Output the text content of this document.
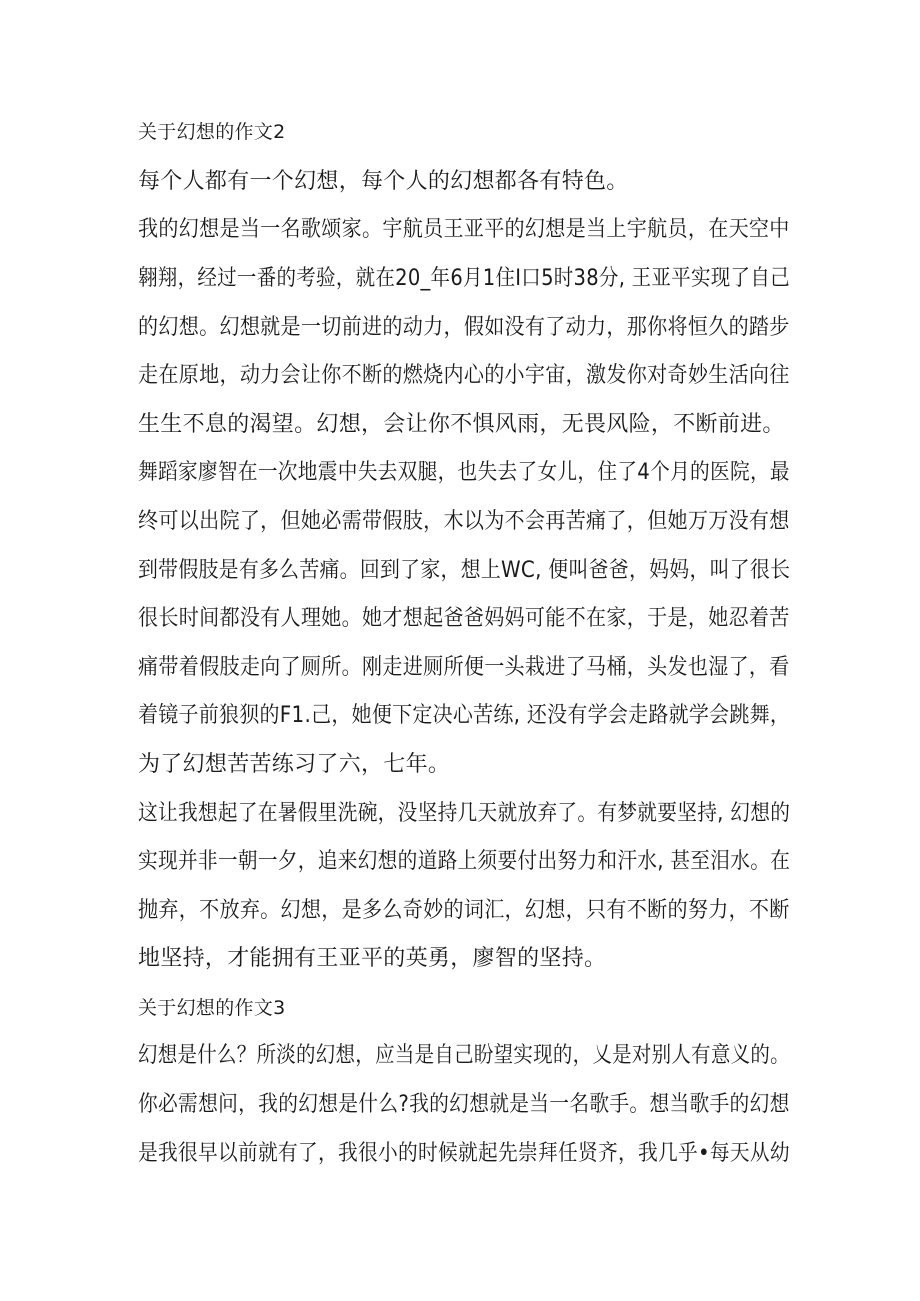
关于幻想的作文2
每个人都有一个幻想，每个人的幻想都各有特色。
我的幻想是当一名歌颂家。宇航员王亚平的幻想是当上宇航员，在天空中
翱翔，经过一番的考验，就在20_年6月1住I口5时38分, 王亚平实现了自己
的幻想。幻想就是一切前进的动力，假如没有了动力，那你将恒久的踏步
走在原地，动力会让你不断的燃烧内心的小宇宙，激发你对奇妙生活向往
生生不息的渴望。幻想，会让你不惧风雨，无畏风险，不断前进。
舞蹈家廖智在一次地震中失去双腿，也失去了女儿，住了4个月的医院，最
终可以出院了，但她必需带假肢，木以为不会再苦痛了，但她万万没有想
到带假肢是有多么苦痛。回到了家，想上WC, 便叫爸爸，妈妈，叫了很长
很长时间都没有人理她。她才想起爸爸妈妈可能不在家，于是，她忍着苦
痛带着假肢走向了厕所。刚走进厕所便一头栽进了马桶，头发也湿了，看
着镜子前狼狈的F1.己，她便下定决心苦练, 还没有学会走路就学会跳舞，
为了幻想苦苦练习了六，七年。
这让我想起了在暑假里洗碗，没坚持几天就放弃了。有梦就要坚持, 幻想的
实现并非一朝一夕，追来幻想的道路上须要付出努力和汗水, 甚至泪水。在
抛弃，不放弃。幻想，是多么奇妙的词汇，幻想，只有不断的努力，不断
地坚持，才能拥有王亚平的英勇，廖智的坚持。
关于幻想的作文3
幻想是什么？所淡的幻想，应当是自己盼望实现的，乂是对别人有意义的。
你必需想问，我的幻想是什么?我的幻想就是当一名歌手。想当歌手的幻想
是我很早以前就有了，我很小的时候就起先崇拜任贤齐，我几乎•每天从幼
